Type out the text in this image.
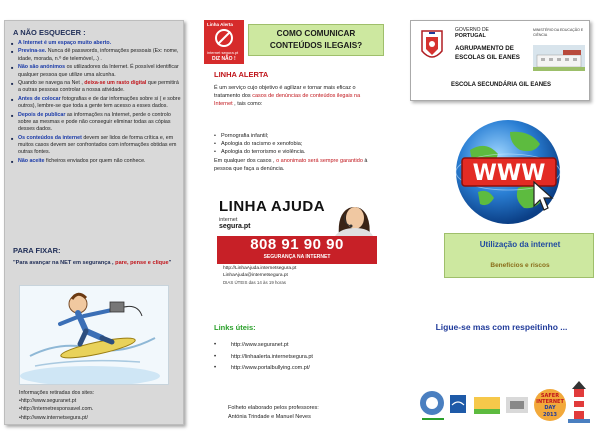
A NÃO ESQUECER :
■ A Internet é um espaço muito aberto.
■ Previna-se. Nunca dê passwords, informações pessoais (Ex: nome, idade, morada, n.º de telemóvel,..) .
■ Não são anónimos os utilizadores da Internet. É possível identificar qualquer pessoa que utilize uma alcunha.
■ Quando se navega na Net , deixa-se um rasto digital que permitirá a outras pessoas controlar a nossa atividade.
■ Antes de colocar fotografias e de dar informações sobre si ( e sobre outros), lembre-se que toda a gente tem acesso a esses dados.
■ Depois de publicar as informações na Internet, perde o controlo sobre as mesmas e pode não conseguir eliminar todas as cópias desses dados.
■ Os conteúdos da internet devem ser lidos de forma crítica e, em muitos casos devem ser confrontados com informações obtidas em outras fontes.
■ Não aceite ficheiros enviados por quem não conhece.
PARA FIXAR:
"Para avançar na NET em segurança , pare, pense e clique"
Informações retiradas dos sites:
•http://www.seguranet.pt
•http://internetresponsavel.com.
•http://www.internetsegura.pt/
Linha Alerta
internet segura.pt
DIZ NÃO !
COMO COMUNICAR
CONTEÚDOS ILEGAIS?
LINHA ALERTA
É um serviço cujo objetivo é agilizar e tornar mais eficaz o tratamento dos casos de denúncias de conteúdos ilegais na Internet , tais como:
• Pornografia infantil;
• Apologia do racismo e xenofobia;
• Apologia do terrorismo e violência.
Em qualquer dos casos , o anonimato será sempre garantido à pessoa que faça a denúncia.
LINHA AJUDA
internet
segura.pt
808 91 90 90
SEGURANÇA NA INTERNET
http://LinhaAjuda.internetsegura.pt
LinhaAjuda@internetsegura.pt
DIAS ÚTEIS das 14 às 19 horas
Links úteis:
• http://www.seguranet.pt
• http://linhaalerta.internetsegura.pt
• http://www.portalbullying.com.pt/
Folheto elaborado pelos professores:
Antónia Trindade e Manuel Neves
GOVERNO DE
PORTUGAL
MINISTÉRIO DA EDUCAÇÃO E CIÊNCIA
AGRUPAMENTO DE
ESCOLAS GIL EANES
ESCOLA SECUNDÁRIA GIL EANES
WWW
Utilização da internet
Benefícios e riscos
Ligue-se mas com respeitinho ...
SAFER
INTERNET
DAY
2013
